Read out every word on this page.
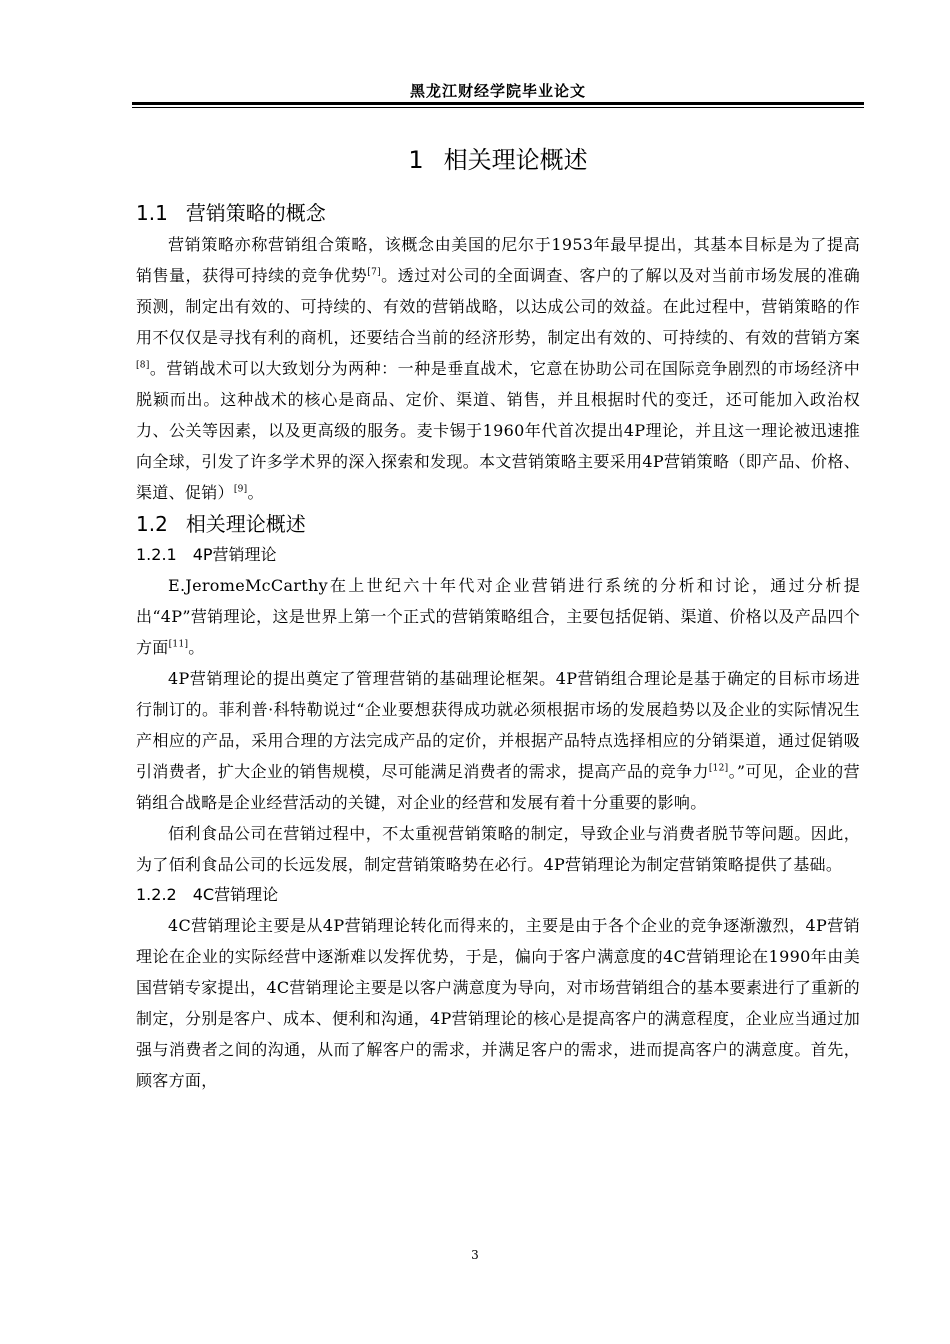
黑龙江财经学院毕业论文
1 相关理论概述
1.1 营销策略的概念

营销策略亦称营销组合策略，该概念由美国的尼尔于1953年最早提出，其基本目标是为了提高销售量，获得可持续的竞争优势[7]。透过对公司的全面调查、客户的了解以及对当前市场发展的准确预测，制定出有效的、可持续的、有效的营销战略，以达成公司的效益。在此过程中，营销策略的作用不仅仅是寻找有利的商机，还要结合当前的经济形势，制定出有效的、可持续的、有效的营销方案[8]。营销战术可以大致划分为两种：一种是垂直战术，它意在协助公司在国际竞争剧烈的市场经济中脱颖而出。这种战术的核心是商品、定价、渠道、销售，并且根据时代的变迁，还可能加入政治权力、公关等因素，以及更高级的服务。麦卡锡于1960年代首次提出4P理论，并且这一理论被迅速推向全球，引发了许多学术界的深入探索和发现。本文营销策略主要采用4P营销策略（即产品、价格、渠道、促销）[9]。

1.2 相关理论概述
1.2.1 4P营销理论

E.JeromeMcCarthy在上世纪六十年代对企业营销进行系统的分析和讨论，通过分析提出“4P”营销理论，这是世界上第一个正式的营销策略组合，主要包括促销、渠道、价格以及产品四个方面[11]。

4P营销理论的提出奠定了管理营销的基础理论框架。4P营销组合理论是基于确定的目标市场进行制订的。菲利普·科特勒说过“企业要想获得成功就必须根据市场的发展趋势以及企业的实际情况生产相应的产品，采用合理的方法完成产品的定价，并根据产品特点选择相应的分销渠道，通过促销吸引消费者，扩大企业的销售规模，尽可能满足消费者的需求，提高产品的竞争力[12]。”可见，企业的营销组合战略是企业经营活动的关键，对企业的经营和发展有着十分重要的影响。

佰利食品公司在营销过程中，不太重视营销策略的制定，导致企业与消费者脱节等问题。因此，为了佰利食品公司的长远发展，制定营销策略势在必行。4P营销理论为制定营销策略提供了基础。

1.2.2 4C营销理论

4C营销理论主要是从4P营销理论转化而得来的，主要是由于各个企业的竞争逐渐激烈，4P营销理论在企业的实际经营中逐渐难以发挥优势，于是，偏向于客户满意度的4C营销理论在1990年由美国营销专家提出，4C营销理论主要是以客户满意度为导向，对市场营销组合的基本要素进行了重新的制定，分别是客户、成本、便利和沟通，4P营销理论的核心是提高客户的满意程度，企业应当通过加强与消费者之间的沟通，从而了解客户的需求，并满足客户的需求，进而提高客户的满意度。首先，顾客方面，

3
